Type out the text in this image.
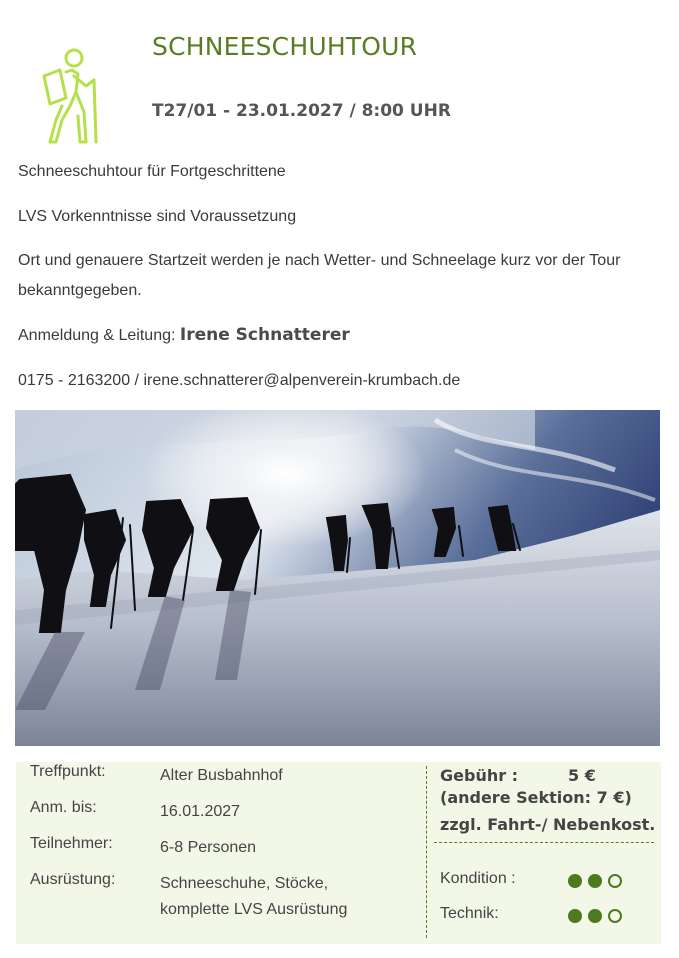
SCHNEESCHUHTOUR
T27/01 - 23.01.2027 / 8:00 UHR
Schneeschuhtour für Fortgeschrittene
LVS Vorkenntnisse sind Voraussetzung
Ort und genauere Startzeit werden je nach Wetter- und Schneelage kurz vor der Tour bekanntgegeben.
Anmeldung & Leitung: Irene Schnatterer
0175 - 2163200 / irene.schnatterer@alpenverein-krumbach.de
Treffpunkt:	Alter Busbahnhof
Anm. bis:	16.01.2027
Teilnehmer:	6-8 Personen
Ausrüstung:	Schneeschuhe, Stöcke,
komplette LVS Ausrüstung
Gebühr :	5 €
(andere Sektion: 7 €)
zzgl. Fahrt-/ Nebenkost.
Kondition :
Technik:
